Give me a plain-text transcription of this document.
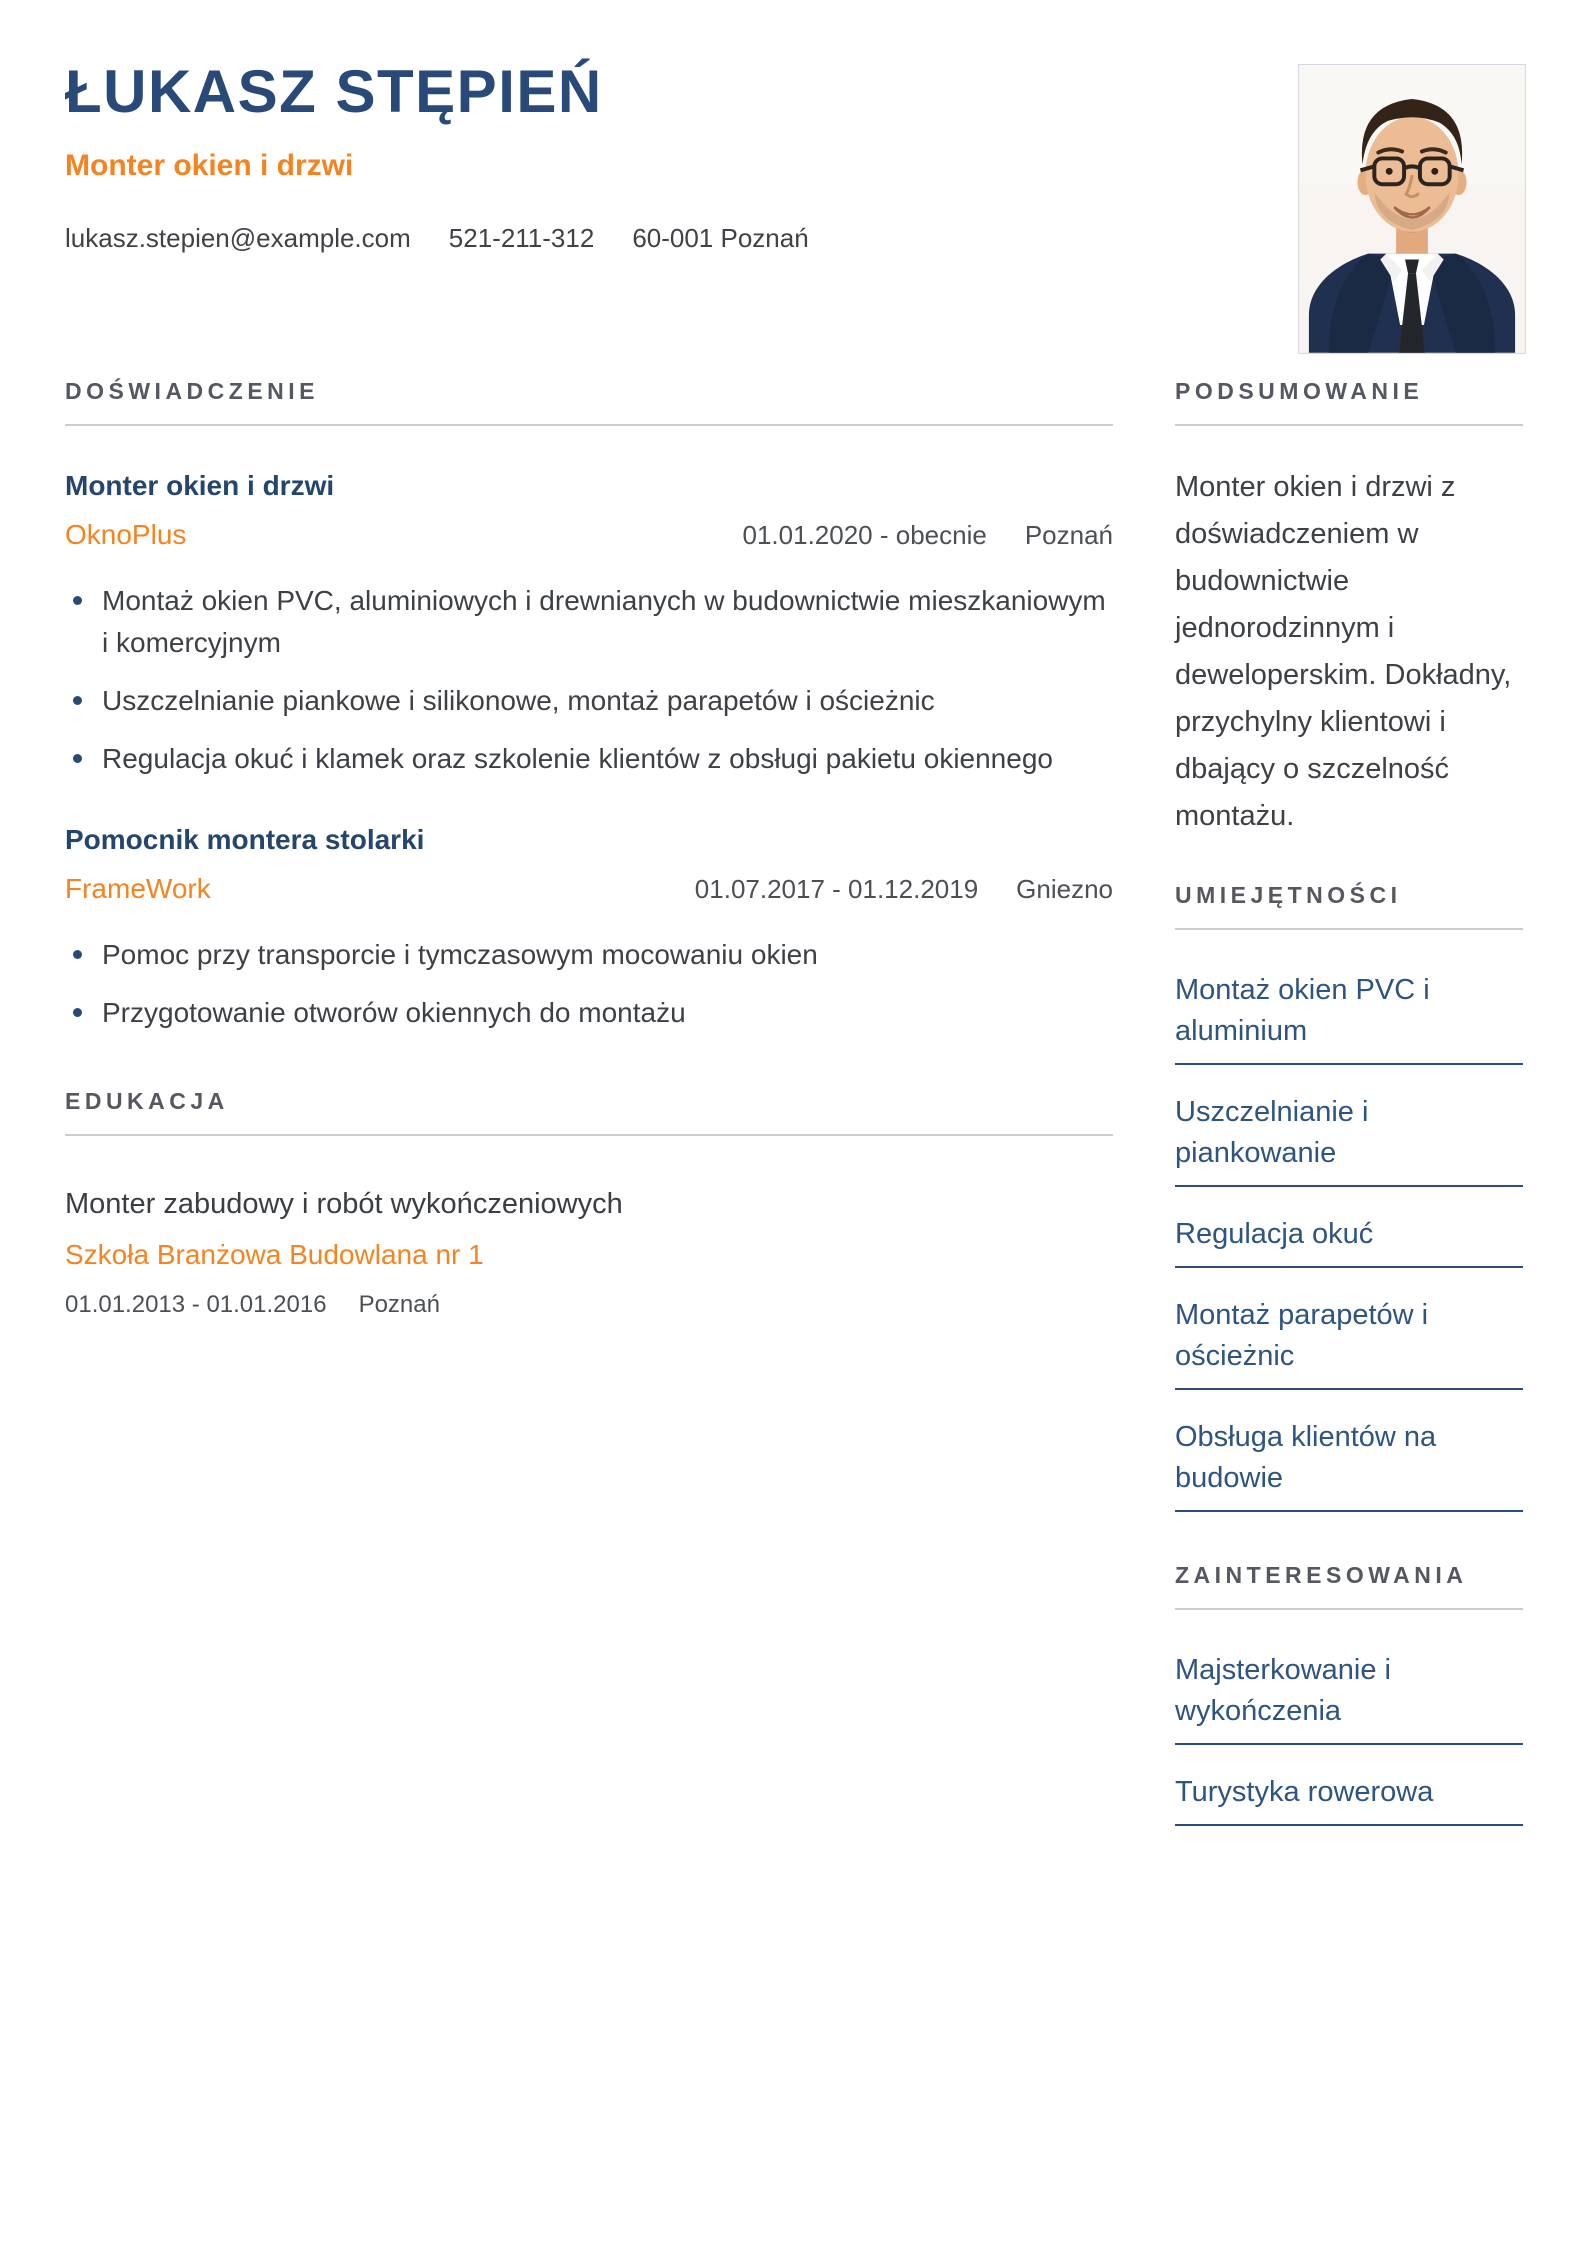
ŁUKASZ STĘPIEŃ
Monter okien i drzwi
lukasz.stepien@example.com 521-211-312 60-001 Poznań
DOŚWIADCZENIE
Monter okien i drzwi
OknoPlus	01.01.2020 - obecnie Poznań
Montaż okien PVC, aluminiowych i drewnianych w budownictwie mieszkaniowym i komercyjnym
Uszczelnianie piankowe i silikonowe, montaż parapetów i ościeżnic
Regulacja okuć i klamek oraz szkolenie klientów z obsługi pakietu okiennego
Pomocnik montera stolarki
FrameWork	01.07.2017 - 01.12.2019 Gniezno
Pomoc przy transporcie i tymczasowym mocowaniu okien
Przygotowanie otworów okiennych do montażu
EDUKACJA
Monter zabudowy i robót wykończeniowych
Szkoła Branżowa Budowlana nr 1
01.01.2013 - 01.01.2016 Poznań
PODSUMOWANIE
Monter okien i drzwi z doświadczeniem w budownictwie jednorodzinnym i deweloperskim. Dokładny, przychylny klientowi i dbający o szczelność montażu.
UMIEJĘTNOŚCI
Montaż okien PVC i aluminium
Uszczelnianie i piankowanie
Regulacja okuć
Montaż parapetów i ościeżnic
Obsługa klientów na budowie
ZAINTERESOWANIA
Majsterkowanie i wykończenia
Turystyka rowerowa
